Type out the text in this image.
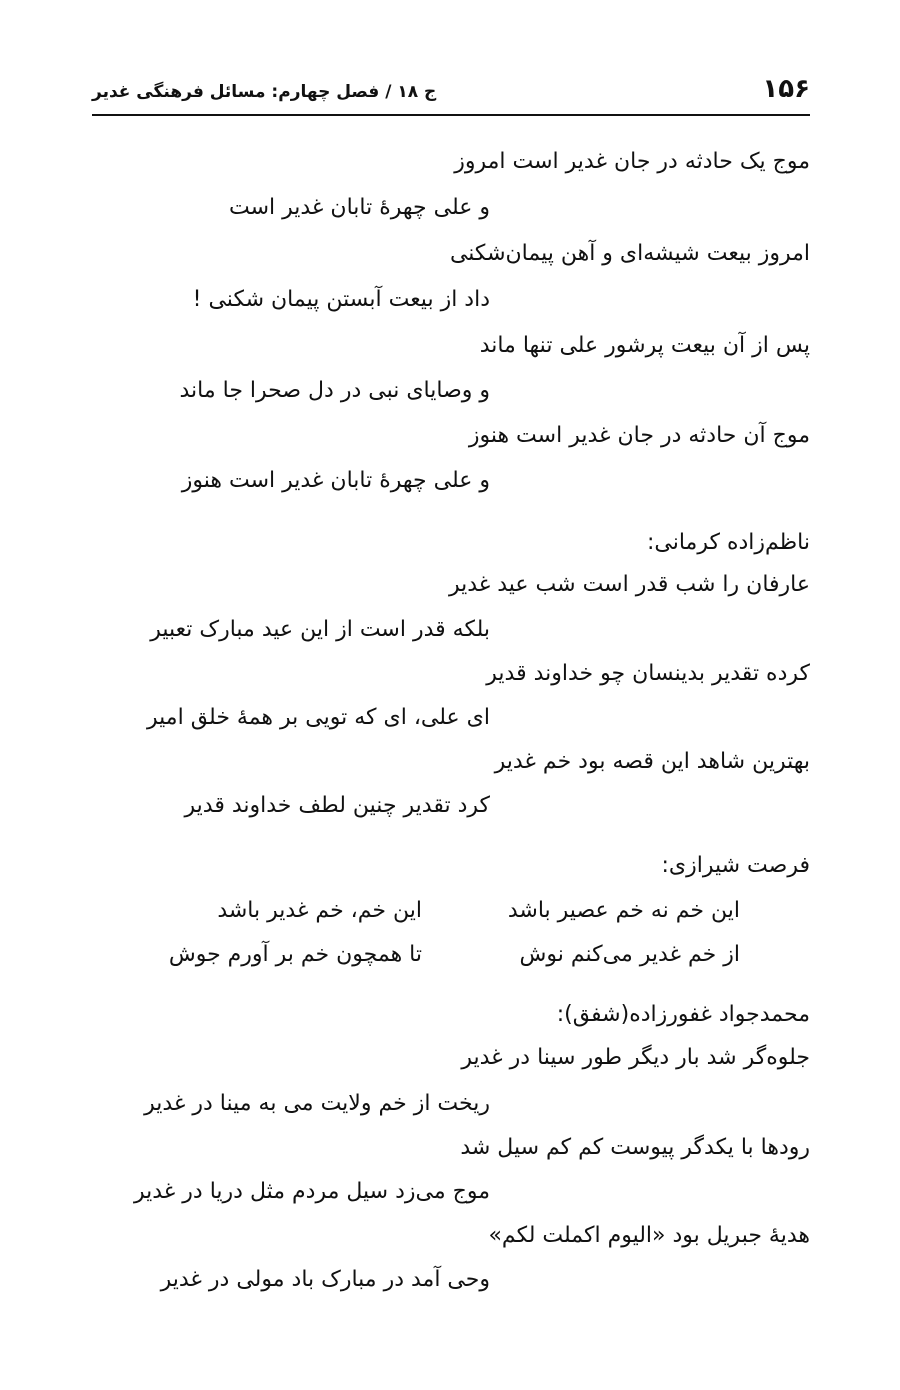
۱۵۶
ج ۱۸ / فصل چهارم: مسائل فرهنگی غدیر
موج یک حادثه در جان غدیر است امروز
و علی چهرهٔ تابان غدیر است
امروز بیعت شیشه‌ای و آهن پیمان‌شکنی
داد از بیعت آبستن پیمان شکنی !
پس از آن بیعت پرشور علی تنها ماند
و وصایای نبی در دل صحرا جا ماند
موج آن حادثه در جان غدیر است هنوز
و علی چهرهٔ تابان غدیر است هنوز
ناظم‌زاده کرمانی:
عارفان را شب قدر است شب عید غدیر
بلکه قدر است از این عید مبارک تعبیر
کرده تقدیر بدینسان چو خداوند قدیر
ای علی، ای که تویی بر همهٔ خلق امیر
بهترین شاهد این قصه بود خم غدیر
کرد تقدیر چنین لطف خداوند قدیر
فرصت شیرازی:
این خم نه خم عصیر باشد
این خم، خم غدیر باشد
از خم غدیر می‌کنم نوش
تا همچون خم بر آورم جوش
محمدجواد غفورزاده(شفق):
جلوه‌گر شد بار دیگر طور سینا در غدیر
ریخت از خم ولایت می به مینا در غدیر
رودها با یکدگر پیوست کم کم سیل شد
موج می‌زد سیل مردم مثل دریا در غدیر
هدیهٔ جبریل بود «الیوم اکملت لکم»
وحی آمد در مبارک باد مولی در غدیر
